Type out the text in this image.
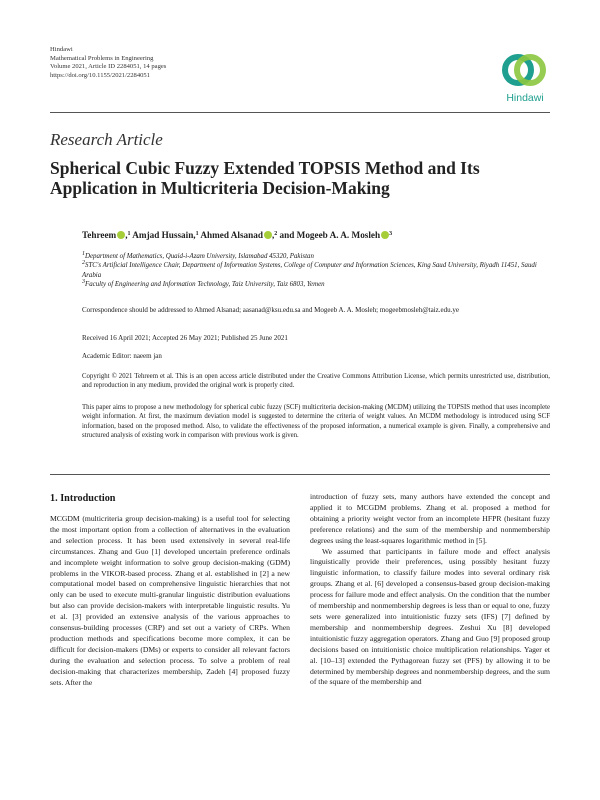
Hindawi
Mathematical Problems in Engineering
Volume 2021, Article ID 2284051, 14 pages
https://doi.org/10.1155/2021/2284051
Hindawi
Research Article
Spherical Cubic Fuzzy Extended TOPSIS Method and Its Application in Multicriteria Decision-Making
Tehreem ,$^1$ Amjad Hussain,$^1$ Ahmed Alsanad ,$^2$ and Mogeeb A. A. Mosleh $^3$
$^1$Department of Mathematics, Quaid-i-Azam University, Islamabad 45320, Pakistan
$^2$STC's Artificial Intelligence Chair, Department of Information Systems, College of Computer and Information Sciences, King Saud University, Riyadh 11451, Saudi Arabia
$^3$Faculty of Engineering and Information Technology, Taiz University, Taiz 6803, Yemen
Correspondence should be addressed to Ahmed Alsanad; aasanad@ksu.edu.sa and Mogeeb A. A. Mosleh; mogeebmosleh@taiz.edu.ye
Received 16 April 2021; Accepted 26 May 2021; Published 25 June 2021
Academic Editor: naeem jan
Copyright © 2021 Tehreem et al. This is an open access article distributed under the Creative Commons Attribution License, which permits unrestricted use, distribution, and reproduction in any medium, provided the original work is properly cited.
This paper aims to propose a new methodology for spherical cubic fuzzy (SCF) multicriteria decision-making (MCDM) utilizing the TOPSIS method that uses incomplete weight information. At first, the maximum deviation model is suggested to determine the criteria of weight values. An MCDM methodology is introduced using SCF information, based on the proposed method. Also, to validate the effectiveness of the proposed information, a numerical example is given. Finally, a comprehensive and structured analysis of existing work in comparison with previous work is given.
1. Introduction

MCGDM (multicriteria group decision-making) is a useful tool for selecting the most important option from a collection of alternatives in the evaluation and selection process. It has been used extensively in several real-life circumstances. Zhang and Guo [1] developed uncertain preference ordinals and incomplete weight information to solve group decision-making (GDM) problems in the VIKOR-based process. Zhang et al. established in [2] a new computational model based on comprehensive linguistic hierarchies that not only can be used to execute multi-granular linguistic distribution evaluations but also can provide decision-makers with interpretable linguistic results. Yu et al. [3] provided an extensive analysis of the various approaches to consensus-building processes (CRP) and set out a variety of CRPs. When production methods and specifications become more complex, it can be difficult for decision-makers (DMs) or experts to consider all relevant factors during the evaluation and selection process. To solve a problem of real decision-making that characterizes membership, Zadeh [4] proposed fuzzy sets. After the

introduction of fuzzy sets, many authors have extended the concept and applied it to MCGDM problems. Zhang et al. proposed a method for obtaining a priority weight vector from an incomplete HFPR (hesitant fuzzy preference relations) and the sum of the membership and nonmembership degrees using the least-squares logarithmic method in [5].

We assumed that participants in failure mode and effect analysis linguistically provide their preferences, using possibly hesitant fuzzy linguistic information, to classify failure modes into several ordinary risk groups. Zhang et al. [6] developed a consensus-based group decision-making process for failure mode and effect analysis. On the condition that the number of membership and nonmembership degrees is less than or equal to one, fuzzy sets were generalized into intuitionistic fuzzy sets (IFS) [7] defined by membership and nonmembership degrees. Zeshui Xu [8] developed intuitionistic fuzzy aggregation operators. Zhang and Guo [9] proposed group decisions based on intuitionistic choice multiplication relationships. Yager et al. [10–13] extended the Pythagorean fuzzy set (PFS) by allowing it to be determined by membership degrees and nonmembership degrees, and the sum of the square of the membership and
